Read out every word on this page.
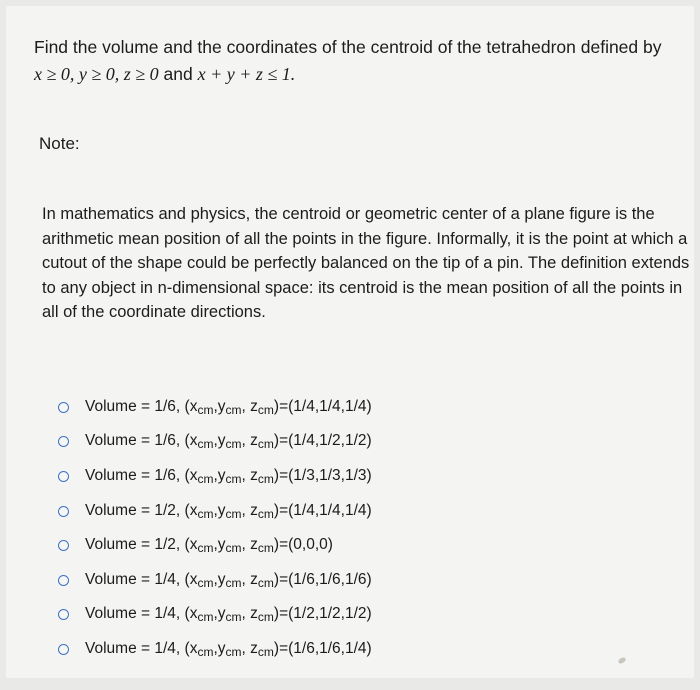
Find the volume and the coordinates of the centroid of the tetrahedron defined by
x ≥ 0, y ≥ 0, z ≥ 0 and x + y + z ≤ 1.
Note:
In mathematics and physics, the centroid or geometric center of a plane figure is the arithmetic mean position of all the points in the figure. Informally, it is the point at which a cutout of the shape could be perfectly balanced on the tip of a pin. The definition extends to any object in n-dimensional space: its centroid is the mean position of all the points in all of the coordinate directions.
Volume = 1/6, ($x_{cm},y_{cm}$, $z_{cm})=(1/4,1/4,1/4)$
Volume = 1/6, ($x_{cm},y_{cm}$, $z_{cm})=(1/4,1/2,1/2)$
Volume = 1/6, ($x_{cm},y_{cm}$, $z_{cm})=(1/3,1/3,1/3)$
Volume = 1/2, ($x_{cm},y_{cm}$, $z_{cm})=(1/4,1/4,1/4)$
Volume = 1/2, ($x_{cm},y_{cm}$, $z_{cm})=(0,0,0)$
Volume = 1/4, ($x_{cm},y_{cm}$, $z_{cm})=(1/6,1/6,1/6)$
Volume = 1/4, ($x_{cm},y_{cm}$, $z_{cm})=(1/2,1/2,1/2)$
Volume = 1/4, ($x_{cm},y_{cm}$, $z_{cm})=(1/6,1/6,1/4)$
